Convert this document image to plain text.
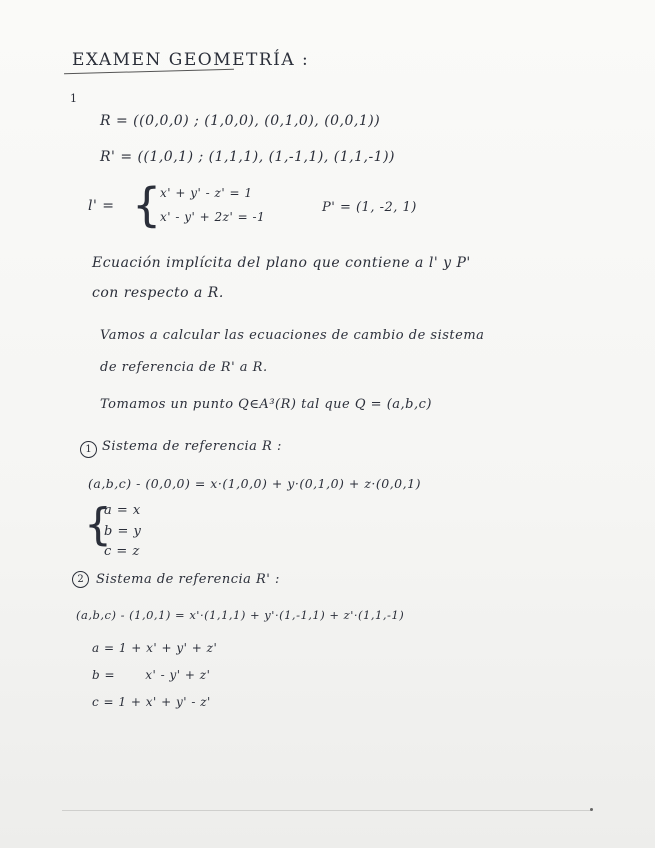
EXAMEN GEOMETRÍA :
1
R = ((0,0,0) ; (1,0,0), (0,1,0), (0,0,1))
R' = ((1,0,1) ; (1,1,1), (1,-1,1), (1,1,-1))
l' = {
x' + y' - z' = 1
x' - y' + 2z' = -1
P' = (1, -2, 1)
Ecuación implícita del plano que contiene a l' y P'
con respecto a R.
Vamos a calcular las ecuaciones de cambio de sistema
de referencia de R' a R.
Tomamos un punto Q∈A³(R) tal que Q = (a,b,c)
1 Sistema de referencia R :
(a,b,c) - (0,0,0) = x·(1,0,0) + y·(0,1,0) + z·(0,0,1)
{
a = x
b = y
c = z
2 Sistema de referencia R' :
(a,b,c) - (1,0,1) = x'·(1,1,1) + y'·(1,-1,1) + z'·(1,1,-1)
a = 1 + x' + y' + z'
b =       x' - y' + z'
c = 1 + x' + y' - z'
